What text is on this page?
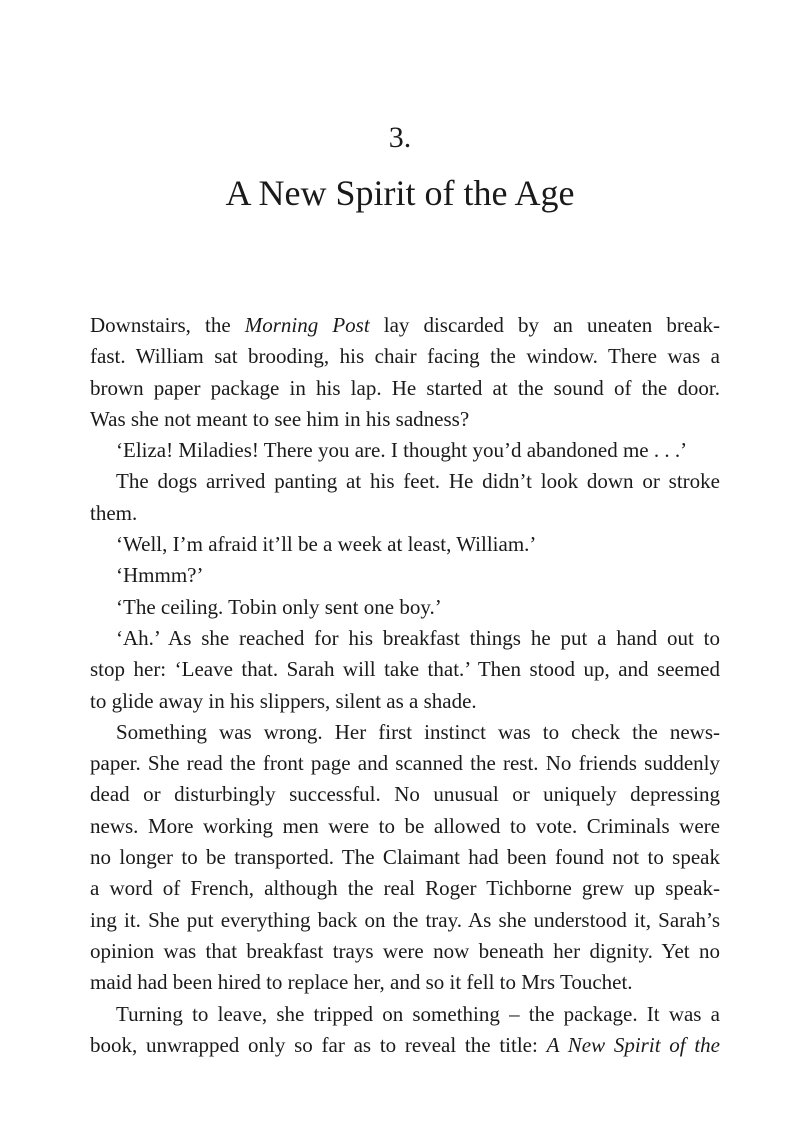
3.
A New Spirit of the Age
Downstairs, the Morning Post lay discarded by an uneaten break-
fast. William sat brooding, his chair facing the window. There was a
brown paper package in his lap. He started at the sound of the door.
Was she not meant to see him in his sadness?
‘Eliza! Miladies! There you are. I thought you’d abandoned me . . .’
The dogs arrived panting at his feet. He didn’t look down or stroke
them.
‘Well, I’m afraid it’ll be a week at least, William.’
‘Hmmm?’
‘The ceiling. Tobin only sent one boy.’
‘Ah.’ As she reached for his breakfast things he put a hand out to
stop her: ‘Leave that. Sarah will take that.’ Then stood up, and seemed
to glide away in his slippers, silent as a shade.
Something was wrong. Her first instinct was to check the news-
paper. She read the front page and scanned the rest. No friends suddenly
dead or disturbingly successful. No unusual or uniquely depressing
news. More working men were to be allowed to vote. Criminals were
no longer to be transported. The Claimant had been found not to speak
a word of French, although the real Roger Tichborne grew up speak-
ing it. She put everything back on the tray. As she understood it, Sarah’s
opinion was that breakfast trays were now beneath her dignity. Yet no
maid had been hired to replace her, and so it fell to Mrs Touchet.
Turning to leave, she tripped on something – the package. It was a
book, unwrapped only so far as to reveal the title: A New Spirit of the
